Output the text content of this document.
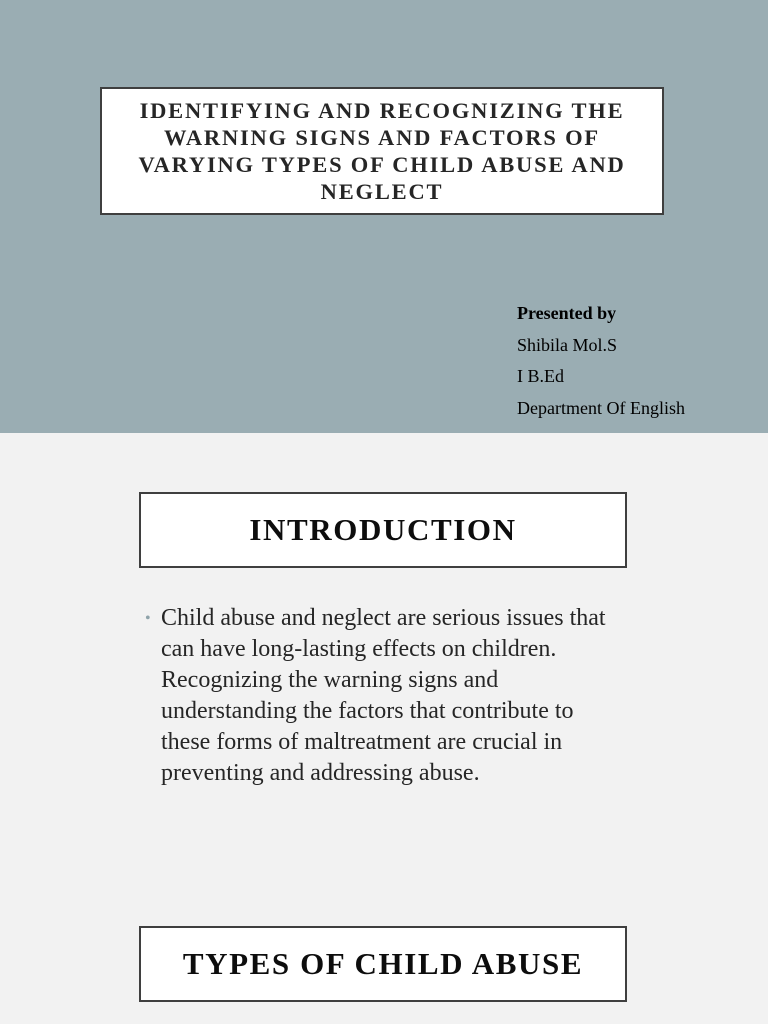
IDENTIFYING AND RECOGNIZING THE WARNING SIGNS AND FACTORS OF VARYING TYPES OF CHILD ABUSE AND NEGLECT
Presented by
Shibila Mol.S
I B.Ed
Department Of English
INTRODUCTION
• Child abuse and neglect are serious issues that can have long-lasting effects on children. Recognizing the warning signs and understanding the factors that contribute to these forms of maltreatment are crucial in preventing and addressing abuse.

TYPES OF CHILD ABUSE
